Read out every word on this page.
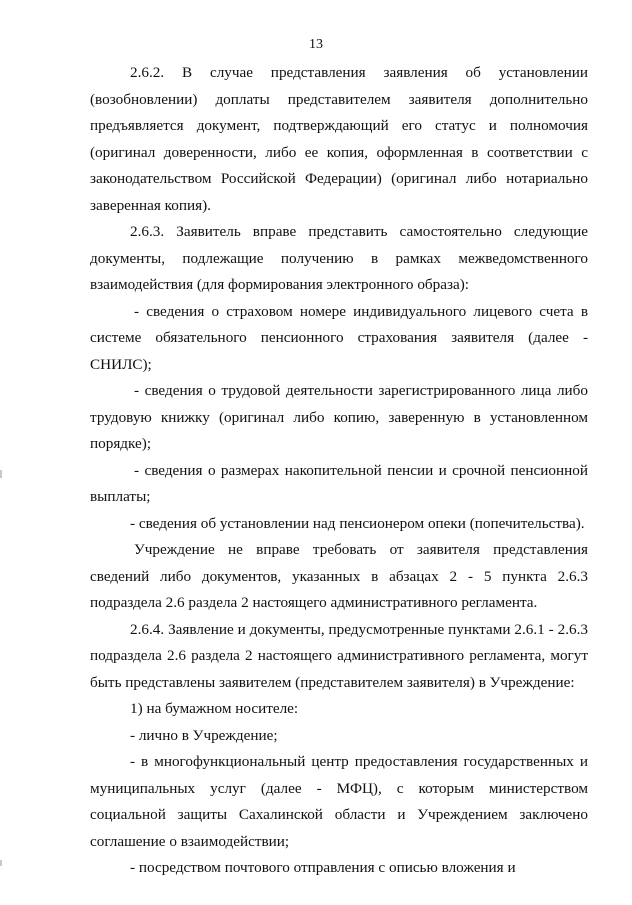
13

2.6.2. В случае представления заявления об установлении (возобновлении) доплаты представителем заявителя дополнительно предъявляется документ, подтверждающий его статус и полномочия (оригинал доверенности, либо ее копия, оформленная в соответствии с законодательством Российской Федерации) (оригинал либо нотариально заверенная копия).

2.6.3. Заявитель вправе представить самостоятельно следующие документы, подлежащие получению в рамках межведомственного взаимодействия (для формирования электронного образа):

- сведения о страховом номере индивидуального лицевого счета в системе обязательного пенсионного страхования заявителя (далее - СНИЛС);

- сведения о трудовой деятельности зарегистрированного лица либо трудовую книжку (оригинал либо копию, заверенную в установленном порядке);

- сведения о размерах накопительной пенсии и срочной пенсионной выплаты;

- сведения об установлении над пенсионером опеки (попечительства).

Учреждение не вправе требовать от заявителя представления сведений либо документов, указанных в абзацах 2 - 5 пункта 2.6.3 подраздела 2.6 раздела 2 настоящего административного регламента.

2.6.4. Заявление и документы, предусмотренные пунктами 2.6.1 - 2.6.3 подраздела 2.6 раздела 2 настоящего административного регламента, могут быть представлены заявителем (представителем заявителя) в Учреждение:

1) на бумажном носителе:

- лично в Учреждение;

- в многофункциональный центр предоставления государственных и муниципальных услуг (далее - МФЦ), с которым министерством социальной защиты Сахалинской области и Учреждением заключено соглашение о взаимодействии;

- посредством почтового отправления с описью вложения и
